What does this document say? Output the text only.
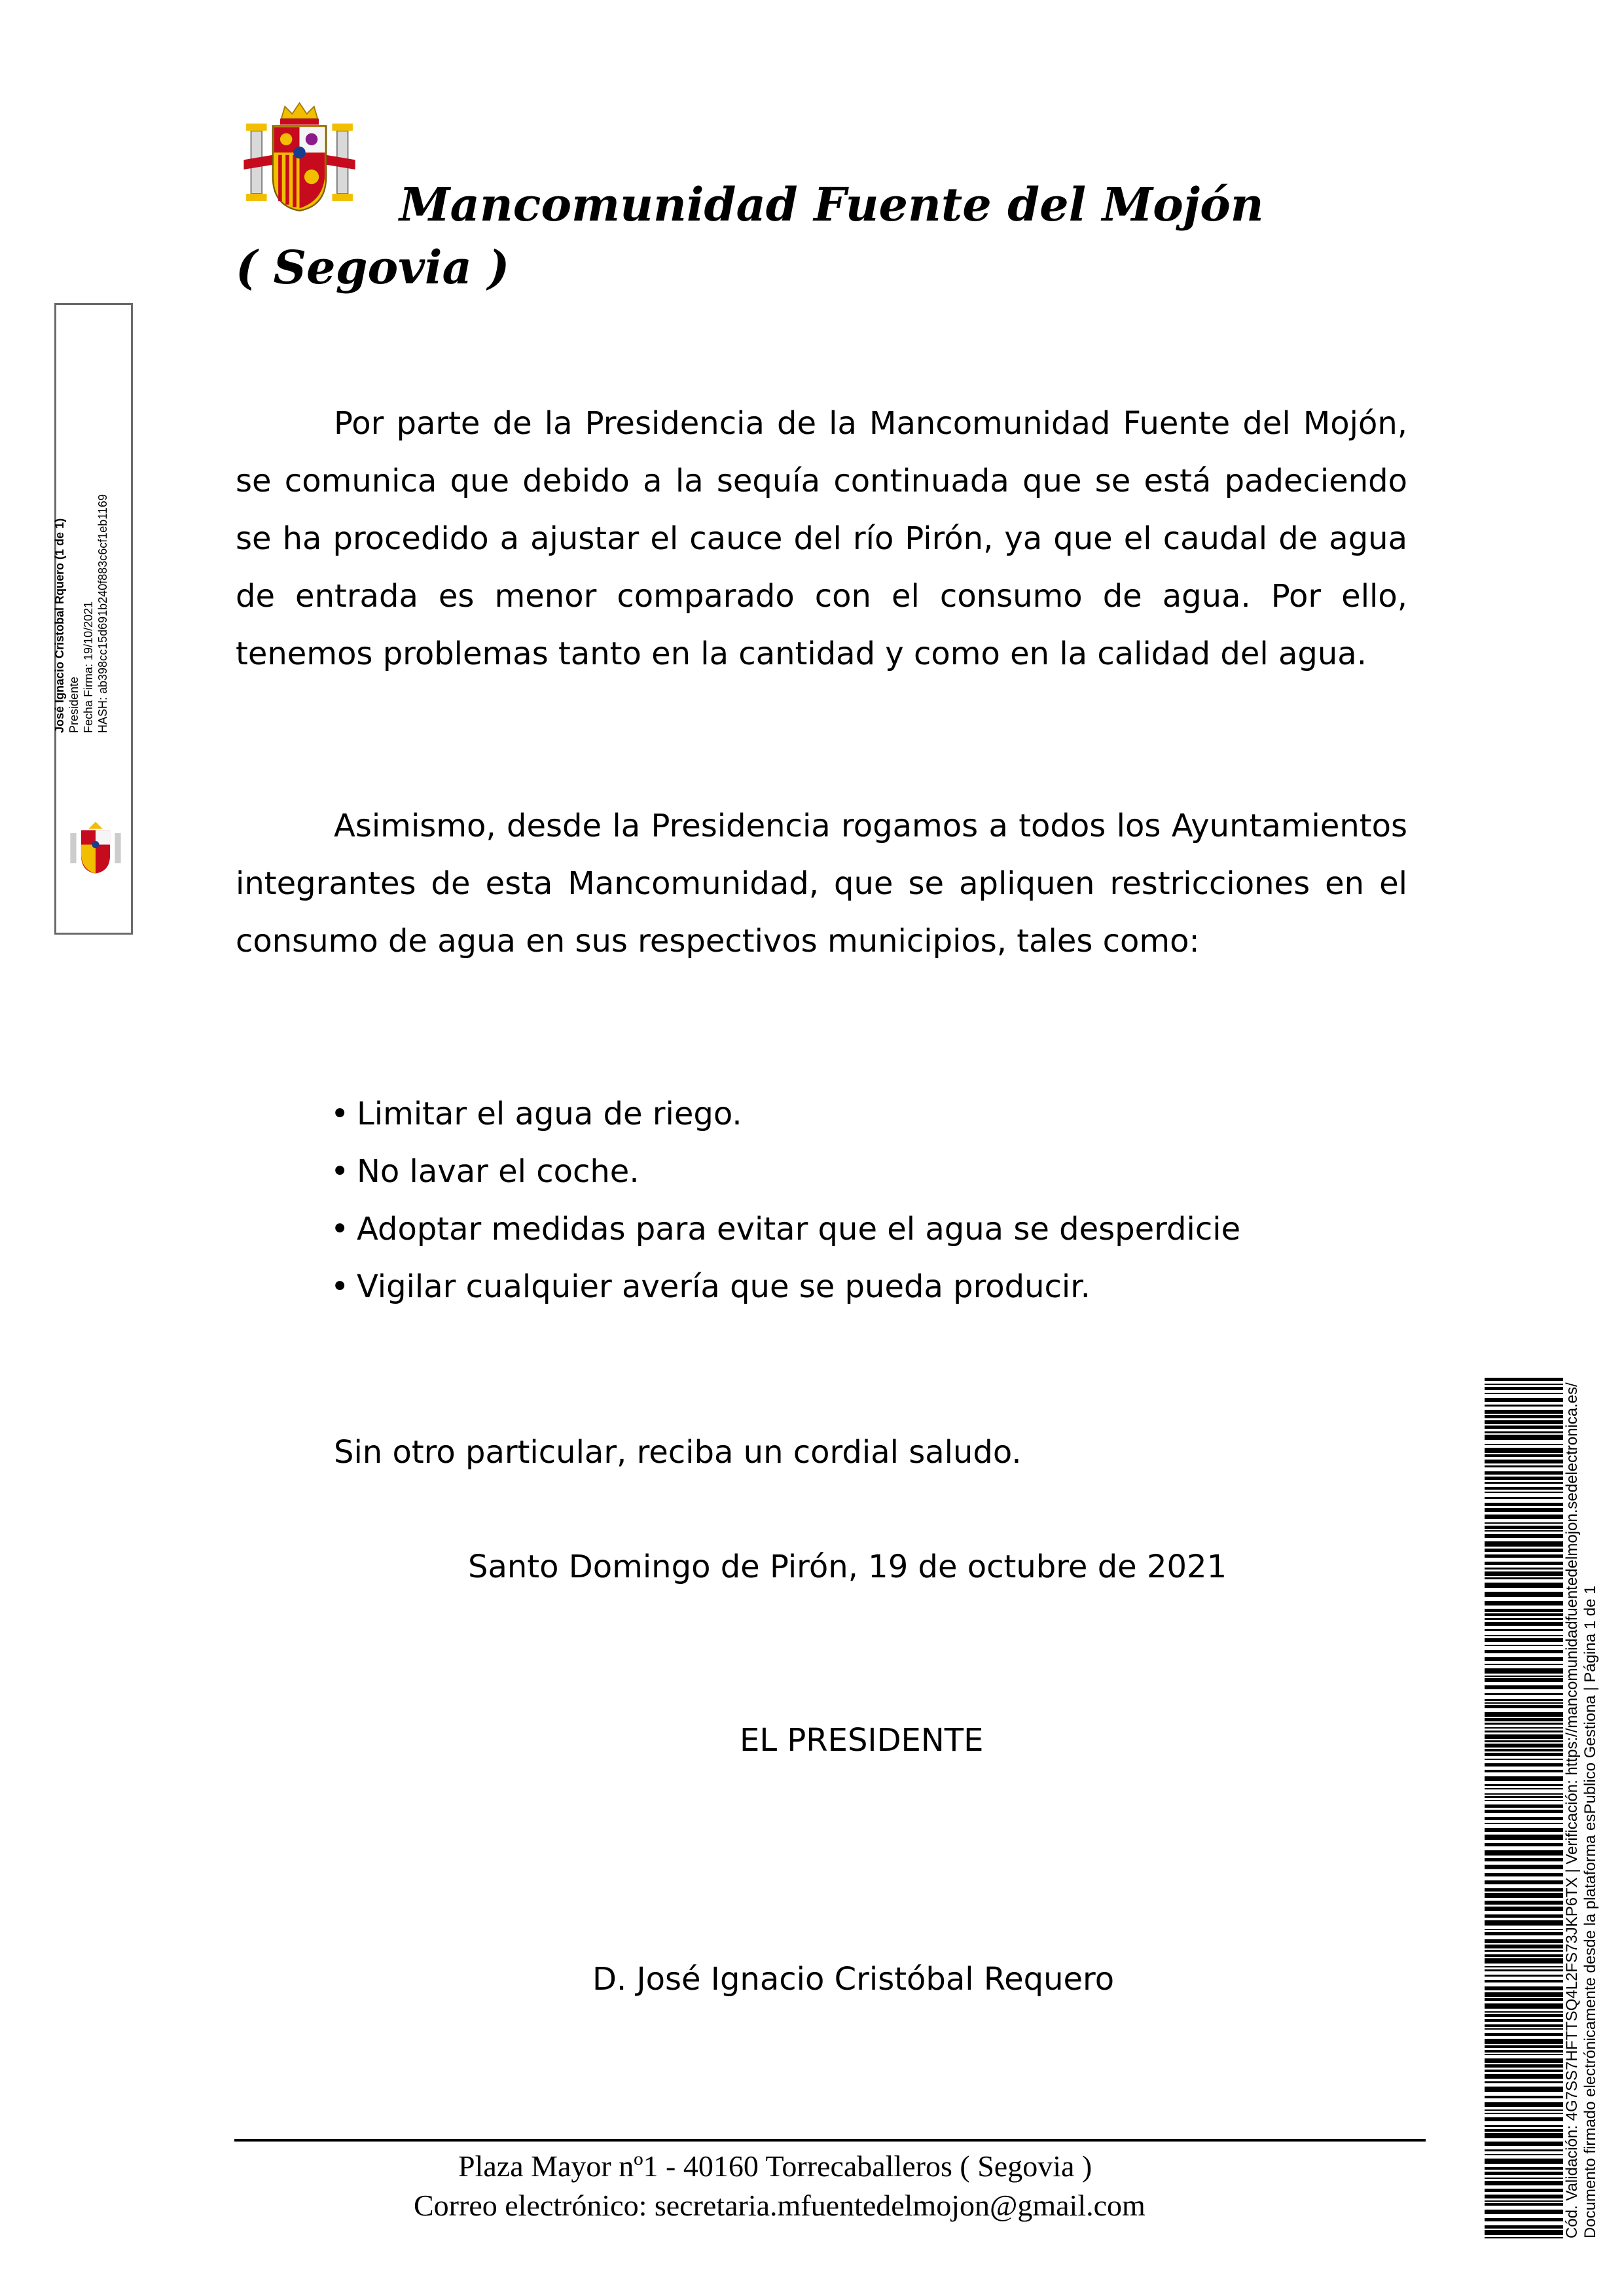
Mancomunidad Fuente del Mojón
( Segovia )
Por parte de la Presidencia de la Mancomunidad Fuente del Mojón, se comunica que debido a la sequía continuada que se está padeciendo se ha procedido a ajustar el cauce del río Pirón, ya que el caudal de agua de entrada es menor comparado con el consumo de agua. Por ello, tenemos problemas tanto en la cantidad y como en la calidad del agua.
Asimismo, desde la Presidencia rogamos a todos los Ayuntamientos integrantes de esta Mancomunidad, que se apliquen restricciones en el consumo de agua en sus respectivos municipios, tales como:
• Limitar el agua de riego.
• No lavar el coche.
• Adoptar medidas para evitar que el agua se desperdicie
• Vigilar cualquier avería que se pueda producir.
Sin otro particular, reciba un cordial saludo.
Santo Domingo de Pirón, 19 de octubre de 2021
EL PRESIDENTE
D. José Ignacio Cristóbal Requero
Plaza Mayor nº1 - 40160 Torrecaballeros ( Segovia )
Correo electrónico: secretaria.mfuentedelmojon@gmail.com
José Ignacio Cristobal Rquero (1 de 1) Presidente Fecha Firma: 19/10/2021 HASH: ab398cc15d691b240f883c6cf1eb1169
Cód. Validación: 4G7SS7HFTTSQ4L2FS73JKP6TX | Verificación: https://mancomunidadfuentedelmojon.sedelectronica.es/ Documento firmado electrónicamente desde la plataforma esPublico Gestiona | Página 1 de 1
